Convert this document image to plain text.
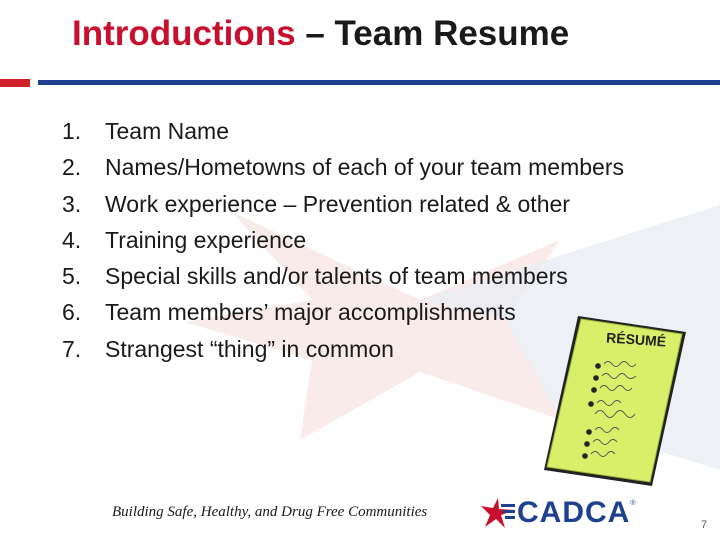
Introductions – Team Resume
1. Team Name
2. Names/Hometowns of each of your team members
3. Work experience – Prevention related & other
4. Training experience
5. Special skills and/or talents of team members
6. Team members’ major accomplishments
7. Strangest “thing” in common	RÉSUMÉ
Building Safe, Healthy, and Drug Free Communities	CADCA ®
7
